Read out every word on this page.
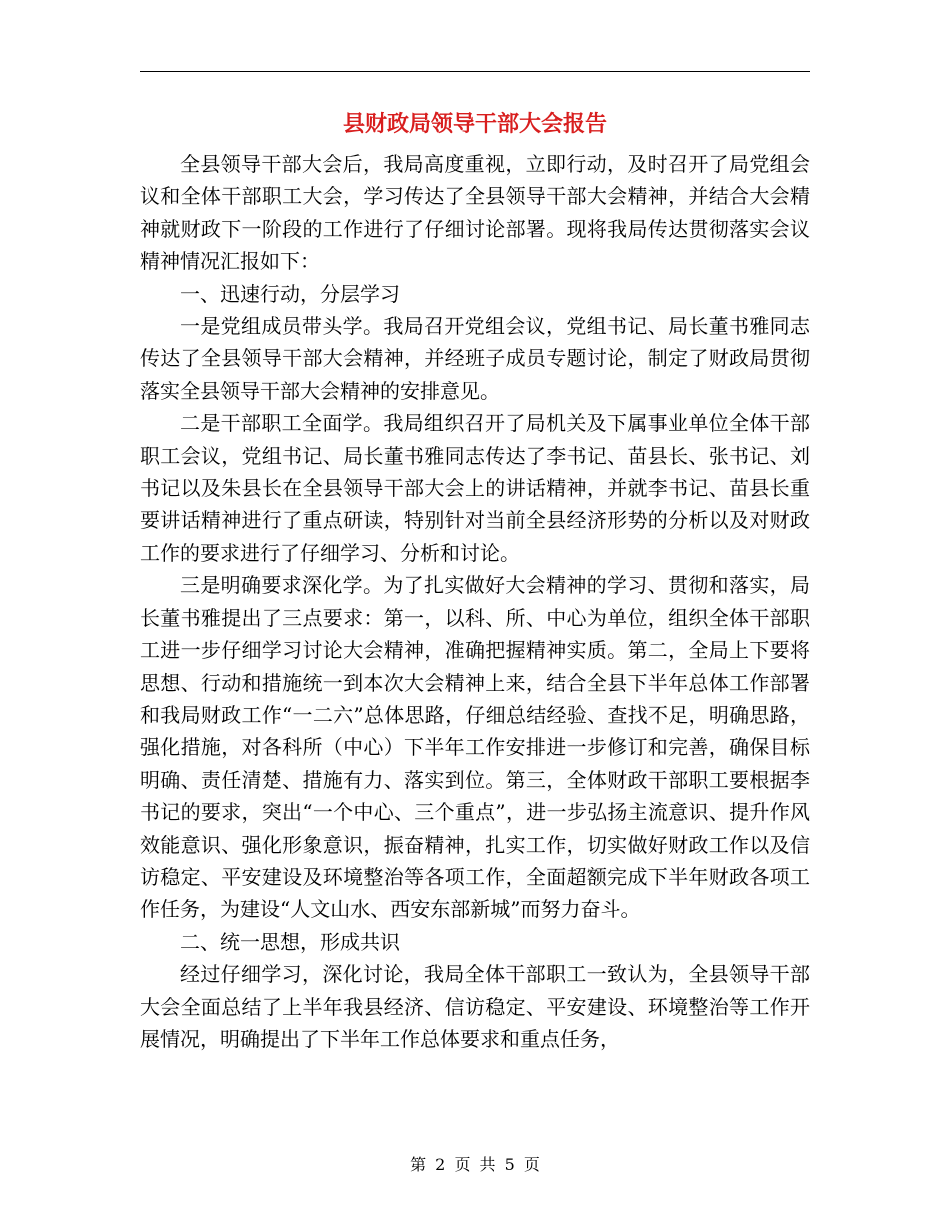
县财政局领导干部大会报告

全县领导干部大会后，我局高度重视，立即行动，及时召开了局党组会议和全体干部职工大会，学习传达了全县领导干部大会精神，并结合大会精神就财政下一阶段的工作进行了仔细讨论部署。现将我局传达贯彻落实会议精神情况汇报如下：

一、迅速行动，分层学习

一是党组成员带头学。我局召开党组会议，党组书记、局长董书雅同志传达了全县领导干部大会精神，并经班子成员专题讨论，制定了财政局贯彻落实全县领导干部大会精神的安排意见。

二是干部职工全面学。我局组织召开了局机关及下属事业单位全体干部职工会议，党组书记、局长董书雅同志传达了李书记、苗县长、张书记、刘书记以及朱县长在全县领导干部大会上的讲话精神，并就李书记、苗县长重要讲话精神进行了重点研读，特别针对当前全县经济形势的分析以及对财政工作的要求进行了仔细学习、分析和讨论。

三是明确要求深化学。为了扎实做好大会精神的学习、贯彻和落实，局长董书雅提出了三点要求：第一，以科、所、中心为单位，组织全体干部职工进一步仔细学习讨论大会精神，准确把握精神实质。第二，全局上下要将思想、行动和措施统一到本次大会精神上来，结合全县下半年总体工作部署和我局财政工作“一二六”总体思路，仔细总结经验、查找不足，明确思路，强化措施，对各科所（中心）下半年工作安排进一步修订和完善，确保目标明确、责任清楚、措施有力、落实到位。第三，全体财政干部职工要根据李书记的要求，突出“一个中心、三个重点”，进一步弘扬主流意识、提升作风效能意识、强化形象意识，振奋精神，扎实工作，切实做好财政工作以及信访稳定、平安建设及环境整治等各项工作，全面超额完成下半年财政各项工作任务，为建设“人文山水、西安东部新城”而努力奋斗。

二、统一思想，形成共识

经过仔细学习，深化讨论，我局全体干部职工一致认为，全县领导干部大会全面总结了上半年我县经济、信访稳定、平安建设、环境整治等工作开展情况，明确提出了下半年工作总体要求和重点任务，

第 2 页 共 5 页
